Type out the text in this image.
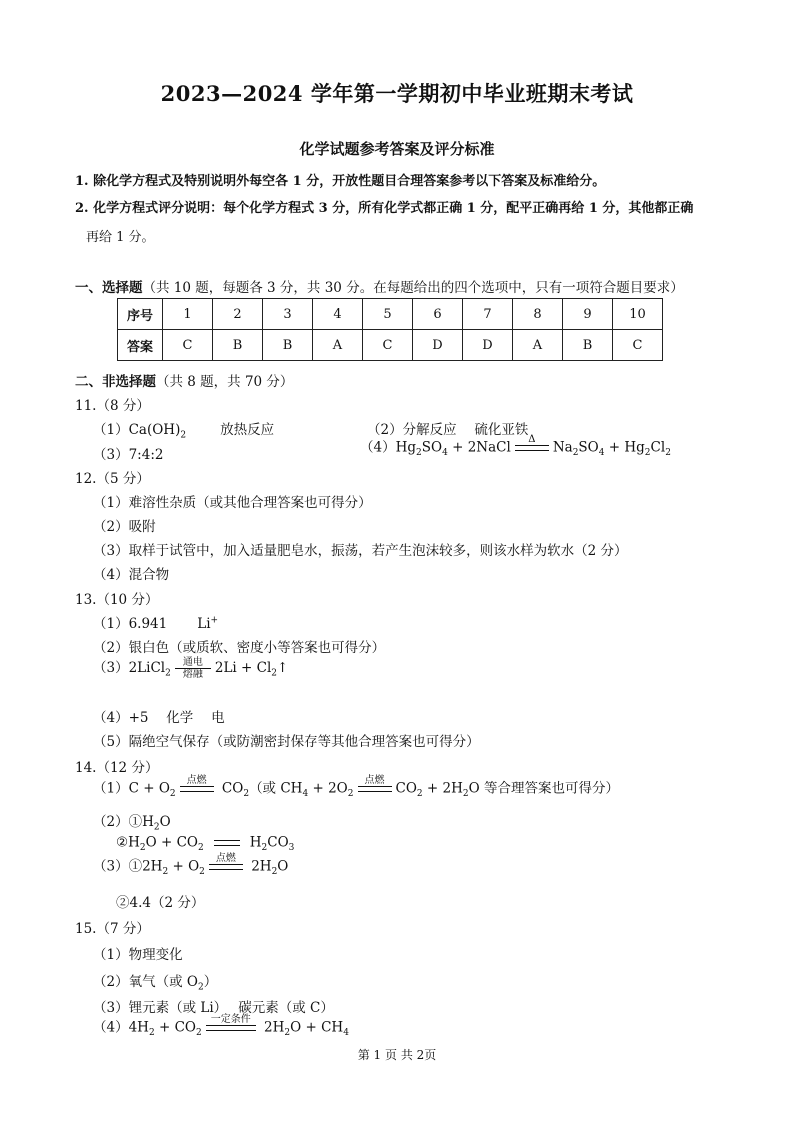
2023—2024 学年第一学期初中毕业班期末考试
化学试题参考答案及评分标准
1. 除化学方程式及特别说明外每空各 1 分，开放性题目合理答案参考以下答案及标准给分。
2. 化学方程式评分说明：每个化学方程式 3 分，所有化学式都正确 1 分，配平正确再给 1 分，其他都正确
再给 1 分。
一、选择题（共 10 题，每题各 3 分，共 30 分。在每题给出的四个选项中，只有一项符合题目要求）
序号	1	2	3	4	5	6	7	8	9	10
答案	C	B	B	A	C	D	D	A	B	C
二、非选择题（共 8 题，共 70 分）
11.（8 分）
$(1)Ca(OH)_2$	放热反应	（2）分解反应　 硫化亚铁
（3）7:4:2	$(4)Hg_2SO_4$ + 2NaCl	Δ
	$Na_2SO_4 + Hg_2Cl_2$
12.（5 分）
（1）难溶性杂质（或其他合理答案也可得分）
（2）吸附
（3）取样于试管中，加入适量肥皂水，振荡，若产生泡沫较多，则该水样为软水（2 分）
（4）混合物
13.（10 分）
（1）6.941 Li+
（2）银白色（或质软、密度小等答案也可得分）
（3）2LiCl$_2$
通电
熔融 $2Li + Cl_2↑$
（4）+5　 化学　 电
（5）隔绝空气保存（或防潮密封保存等其他合理答案也可得分）
14.（12 分）
$(1)C + O_2$
点燃
$CO_2$（或 $CH_4 + 2O_2$
点燃
$CO_2 + 2H_2O$ 等合理答案也可得分）
$(2)①H_2O$
$②H_2O + CO_2$

	$H_2CO_3$
$(3)①2H_2 + O_2$
点燃
$2H_2O$
②4.4（2 分）
15.（7 分）
（1）物理变化
（2）氧气（或 $O_2$）
（3）锂元素（或 Li）　 碳元素（或 C）
$(4)4H_2 + CO_2$
一定条件
$2H_2O + CH_4$
第 1 页 共 2页
